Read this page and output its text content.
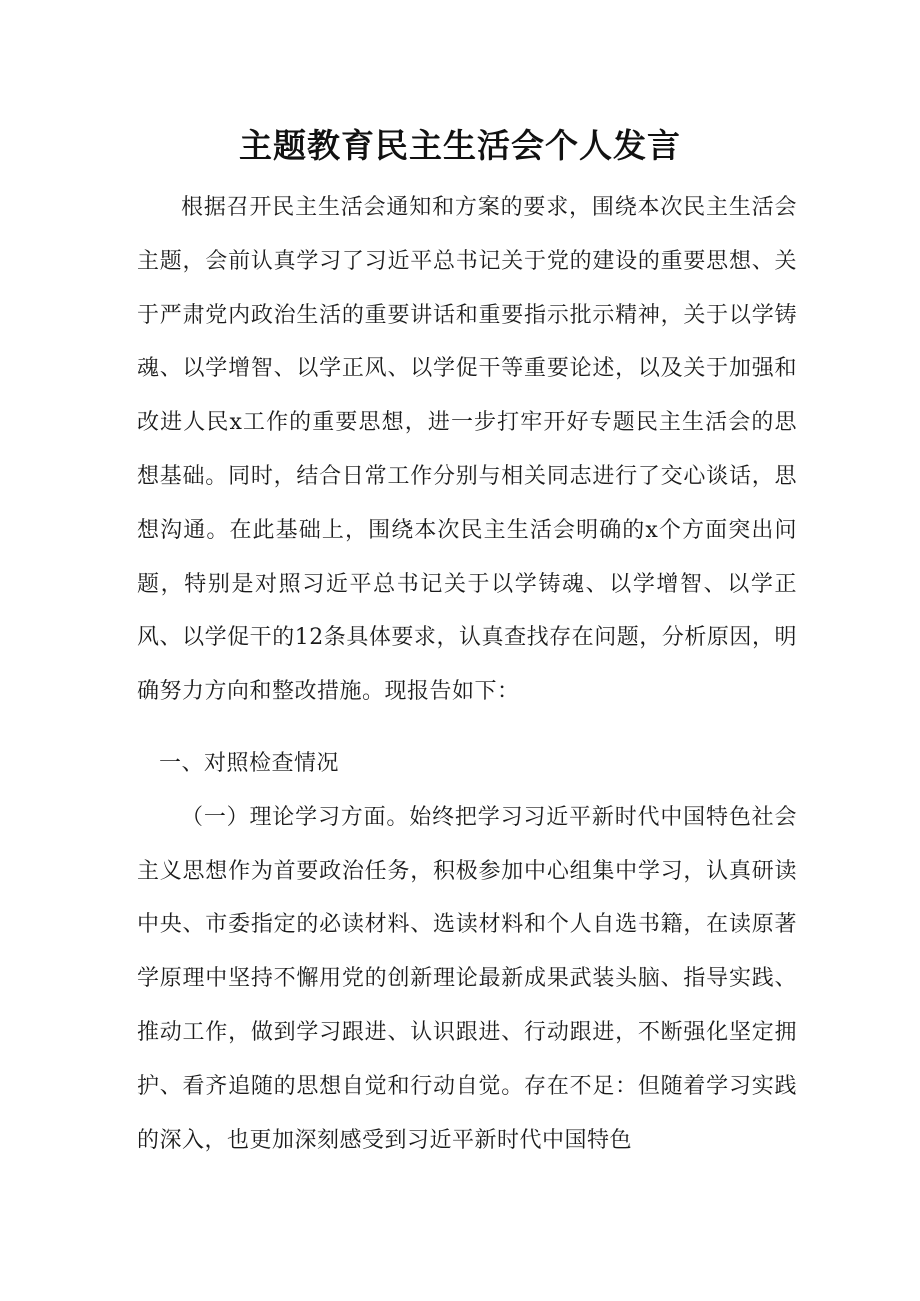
主题教育民主生活会个人发言

根据召开民主生活会通知和方案的要求，围绕本次民主生活会主题，会前认真学习了习近平总书记关于党的建设的重要思想、关于严肃党内政治生活的重要讲话和重要指示批示精神，关于以学铸魂、以学增智、以学正风、以学促干等重要论述，以及关于加强和改进人民x工作的重要思想，进一步打牢开好专题民主生活会的思想基础。同时，结合日常工作分别与相关同志进行了交心谈话，思想沟通。在此基础上，围绕本次民主生活会明确的x个方面突出问题，特别是对照习近平总书记关于以学铸魂、以学增智、以学正风、以学促干的12条具体要求，认真查找存在问题，分析原因，明确努力方向和整改措施。现报告如下：

一、对照检查情况

（一）理论学习方面。始终把学习习近平新时代中国特色社会主义思想作为首要政治任务，积极参加中心组集中学习，认真研读中央、市委指定的必读材料、选读材料和个人自选书籍，在读原著学原理中坚持不懈用党的创新理论最新成果武装头脑、指导实践、推动工作，做到学习跟进、认识跟进、行动跟进，不断强化坚定拥护、看齐追随的思想自觉和行动自觉。存在不足：但随着学习实践的深入，也更加深刻感受到习近平新时代中国特色
